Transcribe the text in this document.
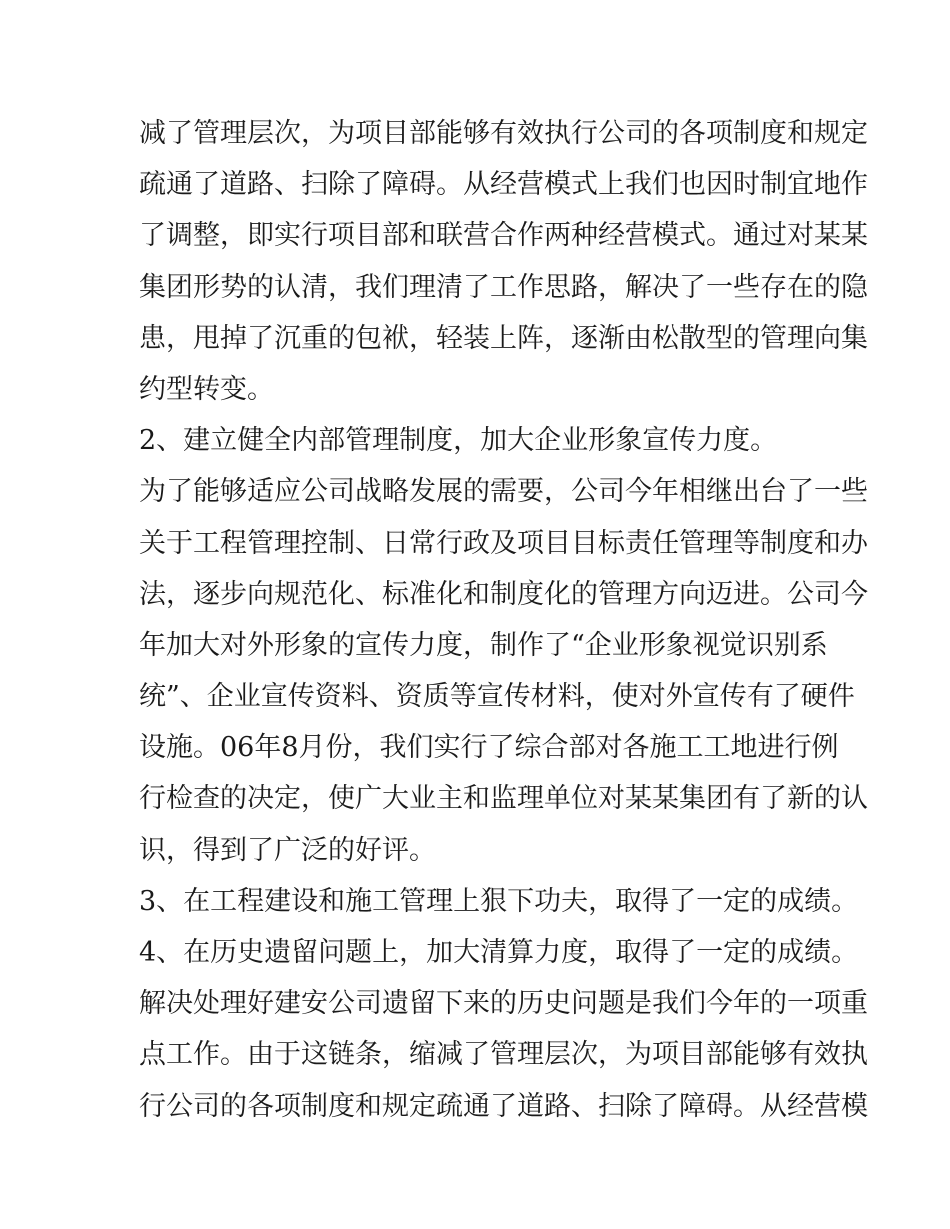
减了管理层次，为项目部能够有效执行公司的各项制度和规定
疏通了道路、扫除了障碍。从经营模式上我们也因时制宜地作
了调整，即实行项目部和联营合作两种经营模式。通过对某某
集团形势的认清，我们理清了工作思路，解决了一些存在的隐
患，甩掉了沉重的包袱，轻装上阵，逐渐由松散型的管理向集
约型转变。
2、建立健全内部管理制度，加大企业形象宣传力度。
为了能够适应公司战略发展的需要，公司今年相继出台了一些
关于工程管理控制、日常行政及项目目标责任管理等制度和办
法，逐步向规范化、标准化和制度化的管理方向迈进。公司今
年加大对外形象的宣传力度，制作了“企业形象视觉识别系
统”、企业宣传资料、资质等宣传材料，使对外宣传有了硬件
设施。06年8月份，我们实行了综合部对各施工工地进行例
行检查的决定，使广大业主和监理单位对某某集团有了新的认
识，得到了广泛的好评。
3、在工程建设和施工管理上狠下功夫，取得了一定的成绩。
4、在历史遗留问题上，加大清算力度，取得了一定的成绩。
解决处理好建安公司遗留下来的历史问题是我们今年的一项重
点工作。由于这链条，缩减了管理层次，为项目部能够有效执
行公司的各项制度和规定疏通了道路、扫除了障碍。从经营模
